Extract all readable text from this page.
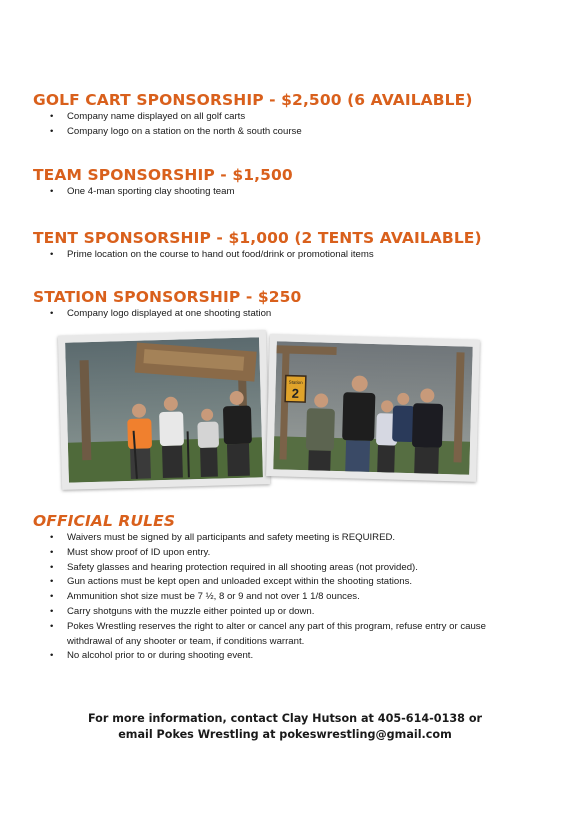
GOLF CART SPONSORSHIP - $2,500 (6 AVAILABLE)
• Company name displayed on all golf carts
• Company logo on a station on the north & south course
TEAM SPONSORSHIP - $1,500
• One 4-man sporting clay shooting team
TENT SPONSORSHIP - $1,000 (2 TENTS AVAILABLE)
• Prime location on the course to hand out food/drink or promotional items
STATION SPONSORSHIP - $250
• Company logo displayed at one shooting station
Station
2
OFFICIAL RULES
• Waivers must be signed by all participants and safety meeting is REQUIRED.
• Must show proof of ID upon entry.
• Safety glasses and hearing protection required in all shooting areas (not provided).
• Gun actions must be kept open and unloaded except within the shooting stations.
• Ammunition shot size must be 7 ½, 8 or 9 and not over 1 1/8 ounces.
• Carry shotguns with the muzzle either pointed up or down.
• Pokes Wrestling reserves the right to alter or cancel any part of this program, refuse entry or cause withdrawal of any shooter or team, if conditions warrant.
• No alcohol prior to or during shooting event.
For more information, contact Clay Hutson at 405-614-0138 or
email Pokes Wrestling at pokeswrestling@gmail.com
